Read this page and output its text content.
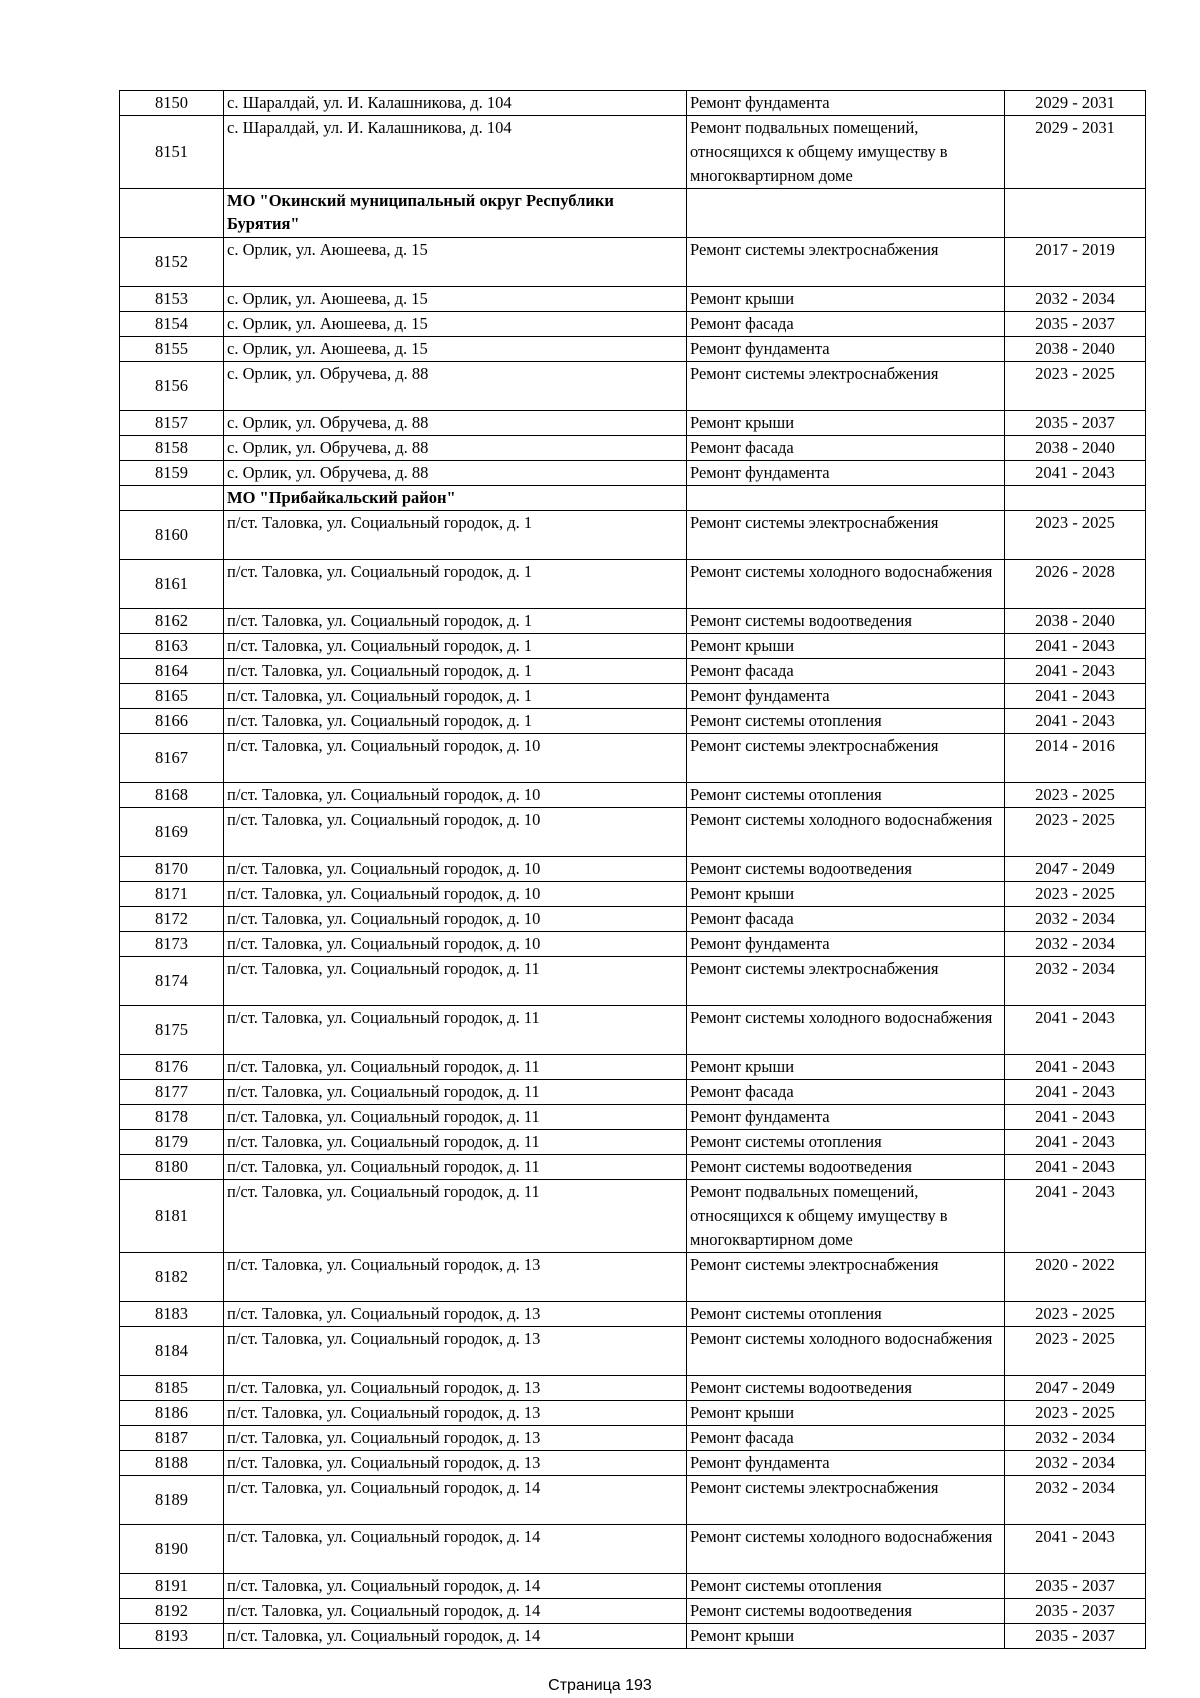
8150	с. Шаралдай, ул. И. Калашникова, д. 104	Ремонт фундамента	2029 - 2031
8151	с. Шаралдай, ул. И. Калашникова, д. 104	Ремонт подвальных помещений, относящихся к общему имуществу в многоквартирном доме	2029 - 2031
	МО "Окинский муниципальный округ Республики Бурятия"		
8152	с. Орлик, ул. Аюшеева, д. 15	Ремонт системы электроснабжения	2017 - 2019
8153	с. Орлик, ул. Аюшеева, д. 15	Ремонт крыши	2032 - 2034
8154	с. Орлик, ул. Аюшеева, д. 15	Ремонт фасада	2035 - 2037
8155	с. Орлик, ул. Аюшеева, д. 15	Ремонт фундамента	2038 - 2040
8156	с. Орлик, ул. Обручева, д. 88	Ремонт системы электроснабжения	2023 - 2025
8157	с. Орлик, ул. Обручева, д. 88	Ремонт крыши	2035 - 2037
8158	с. Орлик, ул. Обручева, д. 88	Ремонт фасада	2038 - 2040
8159	с. Орлик, ул. Обручева, д. 88	Ремонт фундамента	2041 - 2043
	МО "Прибайкальский район"		
8160	п/ст. Таловка, ул. Социальный городок, д. 1	Ремонт системы электроснабжения	2023 - 2025
8161	п/ст. Таловка, ул. Социальный городок, д. 1	Ремонт системы холодного водоснабжения	2026 - 2028
8162	п/ст. Таловка, ул. Социальный городок, д. 1	Ремонт системы водоотведения	2038 - 2040
8163	п/ст. Таловка, ул. Социальный городок, д. 1	Ремонт крыши	2041 - 2043
8164	п/ст. Таловка, ул. Социальный городок, д. 1	Ремонт фасада	2041 - 2043
8165	п/ст. Таловка, ул. Социальный городок, д. 1	Ремонт фундамента	2041 - 2043
8166	п/ст. Таловка, ул. Социальный городок, д. 1	Ремонт системы отопления	2041 - 2043
8167	п/ст. Таловка, ул. Социальный городок, д. 10	Ремонт системы электроснабжения	2014 - 2016
8168	п/ст. Таловка, ул. Социальный городок, д. 10	Ремонт системы отопления	2023 - 2025
8169	п/ст. Таловка, ул. Социальный городок, д. 10	Ремонт системы холодного водоснабжения	2023 - 2025
8170	п/ст. Таловка, ул. Социальный городок, д. 10	Ремонт системы водоотведения	2047 - 2049
8171	п/ст. Таловка, ул. Социальный городок, д. 10	Ремонт крыши	2023 - 2025
8172	п/ст. Таловка, ул. Социальный городок, д. 10	Ремонт фасада	2032 - 2034
8173	п/ст. Таловка, ул. Социальный городок, д. 10	Ремонт фундамента	2032 - 2034
8174	п/ст. Таловка, ул. Социальный городок, д. 11	Ремонт системы электроснабжения	2032 - 2034
8175	п/ст. Таловка, ул. Социальный городок, д. 11	Ремонт системы холодного водоснабжения	2041 - 2043
8176	п/ст. Таловка, ул. Социальный городок, д. 11	Ремонт крыши	2041 - 2043
8177	п/ст. Таловка, ул. Социальный городок, д. 11	Ремонт фасада	2041 - 2043
8178	п/ст. Таловка, ул. Социальный городок, д. 11	Ремонт фундамента	2041 - 2043
8179	п/ст. Таловка, ул. Социальный городок, д. 11	Ремонт системы отопления	2041 - 2043
8180	п/ст. Таловка, ул. Социальный городок, д. 11	Ремонт системы водоотведения	2041 - 2043
8181	п/ст. Таловка, ул. Социальный городок, д. 11	Ремонт подвальных помещений, относящихся к общему имуществу в многоквартирном доме	2041 - 2043
8182	п/ст. Таловка, ул. Социальный городок, д. 13	Ремонт системы электроснабжения	2020 - 2022
8183	п/ст. Таловка, ул. Социальный городок, д. 13	Ремонт системы отопления	2023 - 2025
8184	п/ст. Таловка, ул. Социальный городок, д. 13	Ремонт системы холодного водоснабжения	2023 - 2025
8185	п/ст. Таловка, ул. Социальный городок, д. 13	Ремонт системы водоотведения	2047 - 2049
8186	п/ст. Таловка, ул. Социальный городок, д. 13	Ремонт крыши	2023 - 2025
8187	п/ст. Таловка, ул. Социальный городок, д. 13	Ремонт фасада	2032 - 2034
8188	п/ст. Таловка, ул. Социальный городок, д. 13	Ремонт фундамента	2032 - 2034
8189	п/ст. Таловка, ул. Социальный городок, д. 14	Ремонт системы электроснабжения	2032 - 2034
8190	п/ст. Таловка, ул. Социальный городок, д. 14	Ремонт системы холодного водоснабжения	2041 - 2043
8191	п/ст. Таловка, ул. Социальный городок, д. 14	Ремонт системы отопления	2035 - 2037
8192	п/ст. Таловка, ул. Социальный городок, д. 14	Ремонт системы водоотведения	2035 - 2037
8193	п/ст. Таловка, ул. Социальный городок, д. 14	Ремонт крыши	2035 - 2037
Страница 193
